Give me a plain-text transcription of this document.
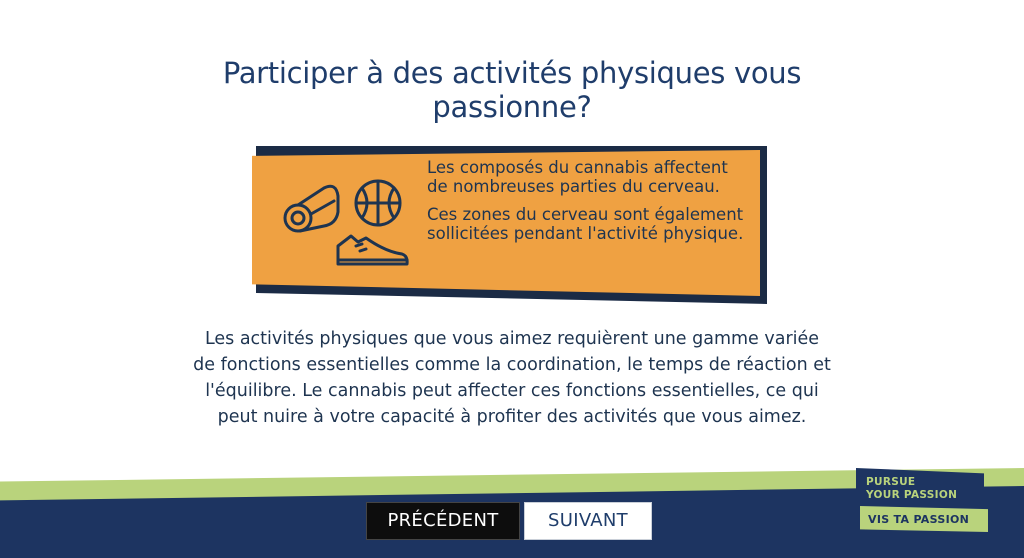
Participer à des activités physiques vous passionne?

Les composés du cannabis affectent de nombreuses parties du cerveau.

Ces zones du cerveau sont également sollicitées pendant l'activité physique.

Les activités physiques que vous aimez requièrent une gamme variée de fonctions essentielles comme la coordination, le temps de réaction et l'équilibre. Le cannabis peut affecter ces fonctions essentielles, ce qui peut nuire à votre capacité à profiter des activités que vous aimez.
PRÉCÉDENT	SUIVANT
PURSUE
YOUR PASSION
VIS TA PASSION
